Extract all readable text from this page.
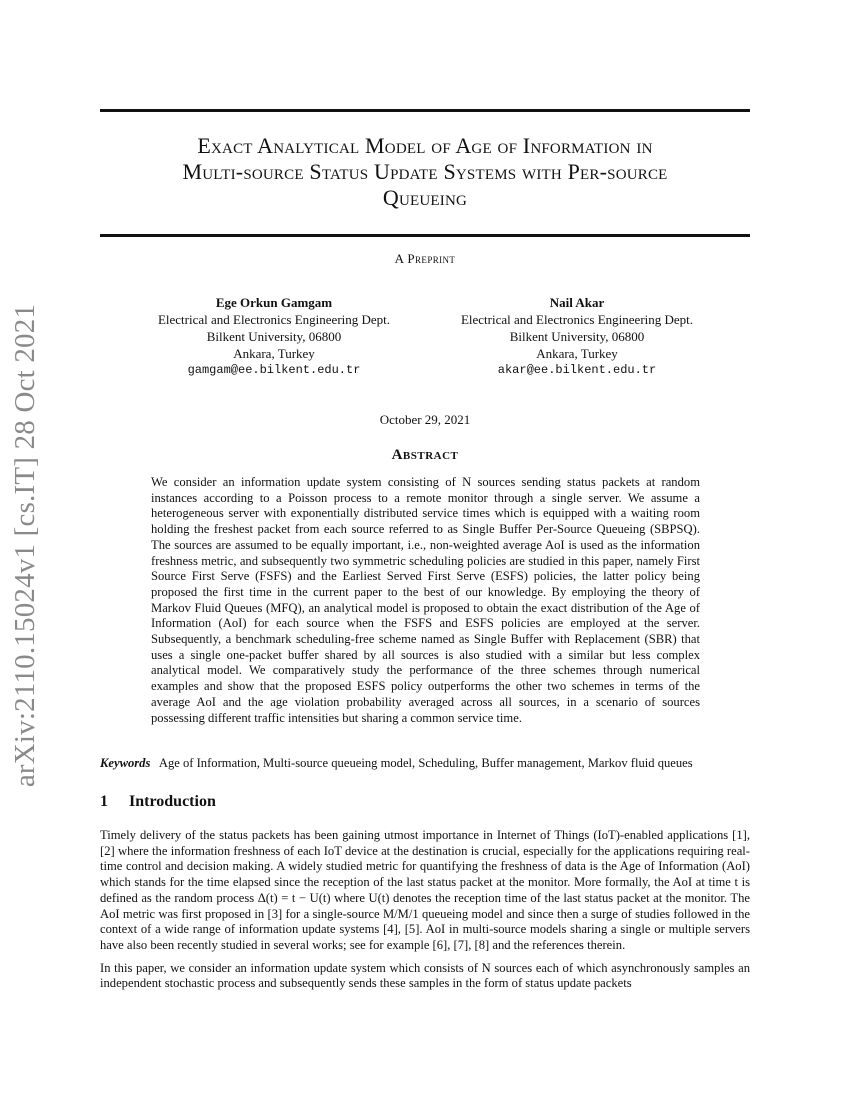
arXiv:2110.15024v1 [cs.IT] 28 Oct 2021
Exact Analytical Model of Age of Information in
Multi-source Status Update Systems with Per-source
Queueing
A Preprint
Ege Orkun Gamgam
Electrical and Electronics Engineering Dept.
Bilkent University, 06800
Ankara, Turkey
gamgam@ee.bilkent.edu.tr
Nail Akar
Electrical and Electronics Engineering Dept.
Bilkent University, 06800
Ankara, Turkey
akar@ee.bilkent.edu.tr
October 29, 2021
Abstract
We consider an information update system consisting of N sources sending status packets at random instances according to a Poisson process to a remote monitor through a single server. We assume a heterogeneous server with exponentially distributed service times which is equipped with a waiting room holding the freshest packet from each source referred to as Single Buffer Per-Source Queueing (SBPSQ). The sources are assumed to be equally important, i.e., non-weighted average AoI is used as the information freshness metric, and subsequently two symmetric scheduling policies are studied in this paper, namely First Source First Serve (FSFS) and the Earliest Served First Serve (ESFS) policies, the latter policy being proposed the first time in the current paper to the best of our knowledge. By employing the theory of Markov Fluid Queues (MFQ), an analytical model is proposed to obtain the exact distribution of the Age of Information (AoI) for each source when the FSFS and ESFS policies are employed at the server. Subsequently, a benchmark scheduling-free scheme named as Single Buffer with Replacement (SBR) that uses a single one-packet buffer shared by all sources is also studied with a similar but less complex analytical model. We comparatively study the performance of the three schemes through numerical examples and show that the proposed ESFS policy outperforms the other two schemes in terms of the average AoI and the age violation probability averaged across all sources, in a scenario of sources possessing different traffic intensities but sharing a common service time.
Keywords Age of Information, Multi-source queueing model, Scheduling, Buffer management, Markov fluid queues
1 Introduction

Timely delivery of the status packets has been gaining utmost importance in Internet of Things (IoT)-enabled applications [1], [2] where the information freshness of each IoT device at the destination is crucial, especially for the applications requiring real-time control and decision making. A widely studied metric for quantifying the freshness of data is the Age of Information (AoI) which stands for the time elapsed since the reception of the last status packet at the monitor. More formally, the AoI at time t is defined as the random process Δ(t) = t − U(t) where U(t) denotes the reception time of the last status packet at the monitor. The AoI metric was first proposed in [3] for a single-source M/M/1 queueing model and since then a surge of studies followed in the context of a wide range of information update systems [4], [5]. AoI in multi-source models sharing a single or multiple servers have also been recently studied in several works; see for example [6], [7], [8] and the references therein.

In this paper, we consider an information update system which consists of N sources each of which asynchronously samples an independent stochastic process and subsequently sends these samples in the form of status update packets
